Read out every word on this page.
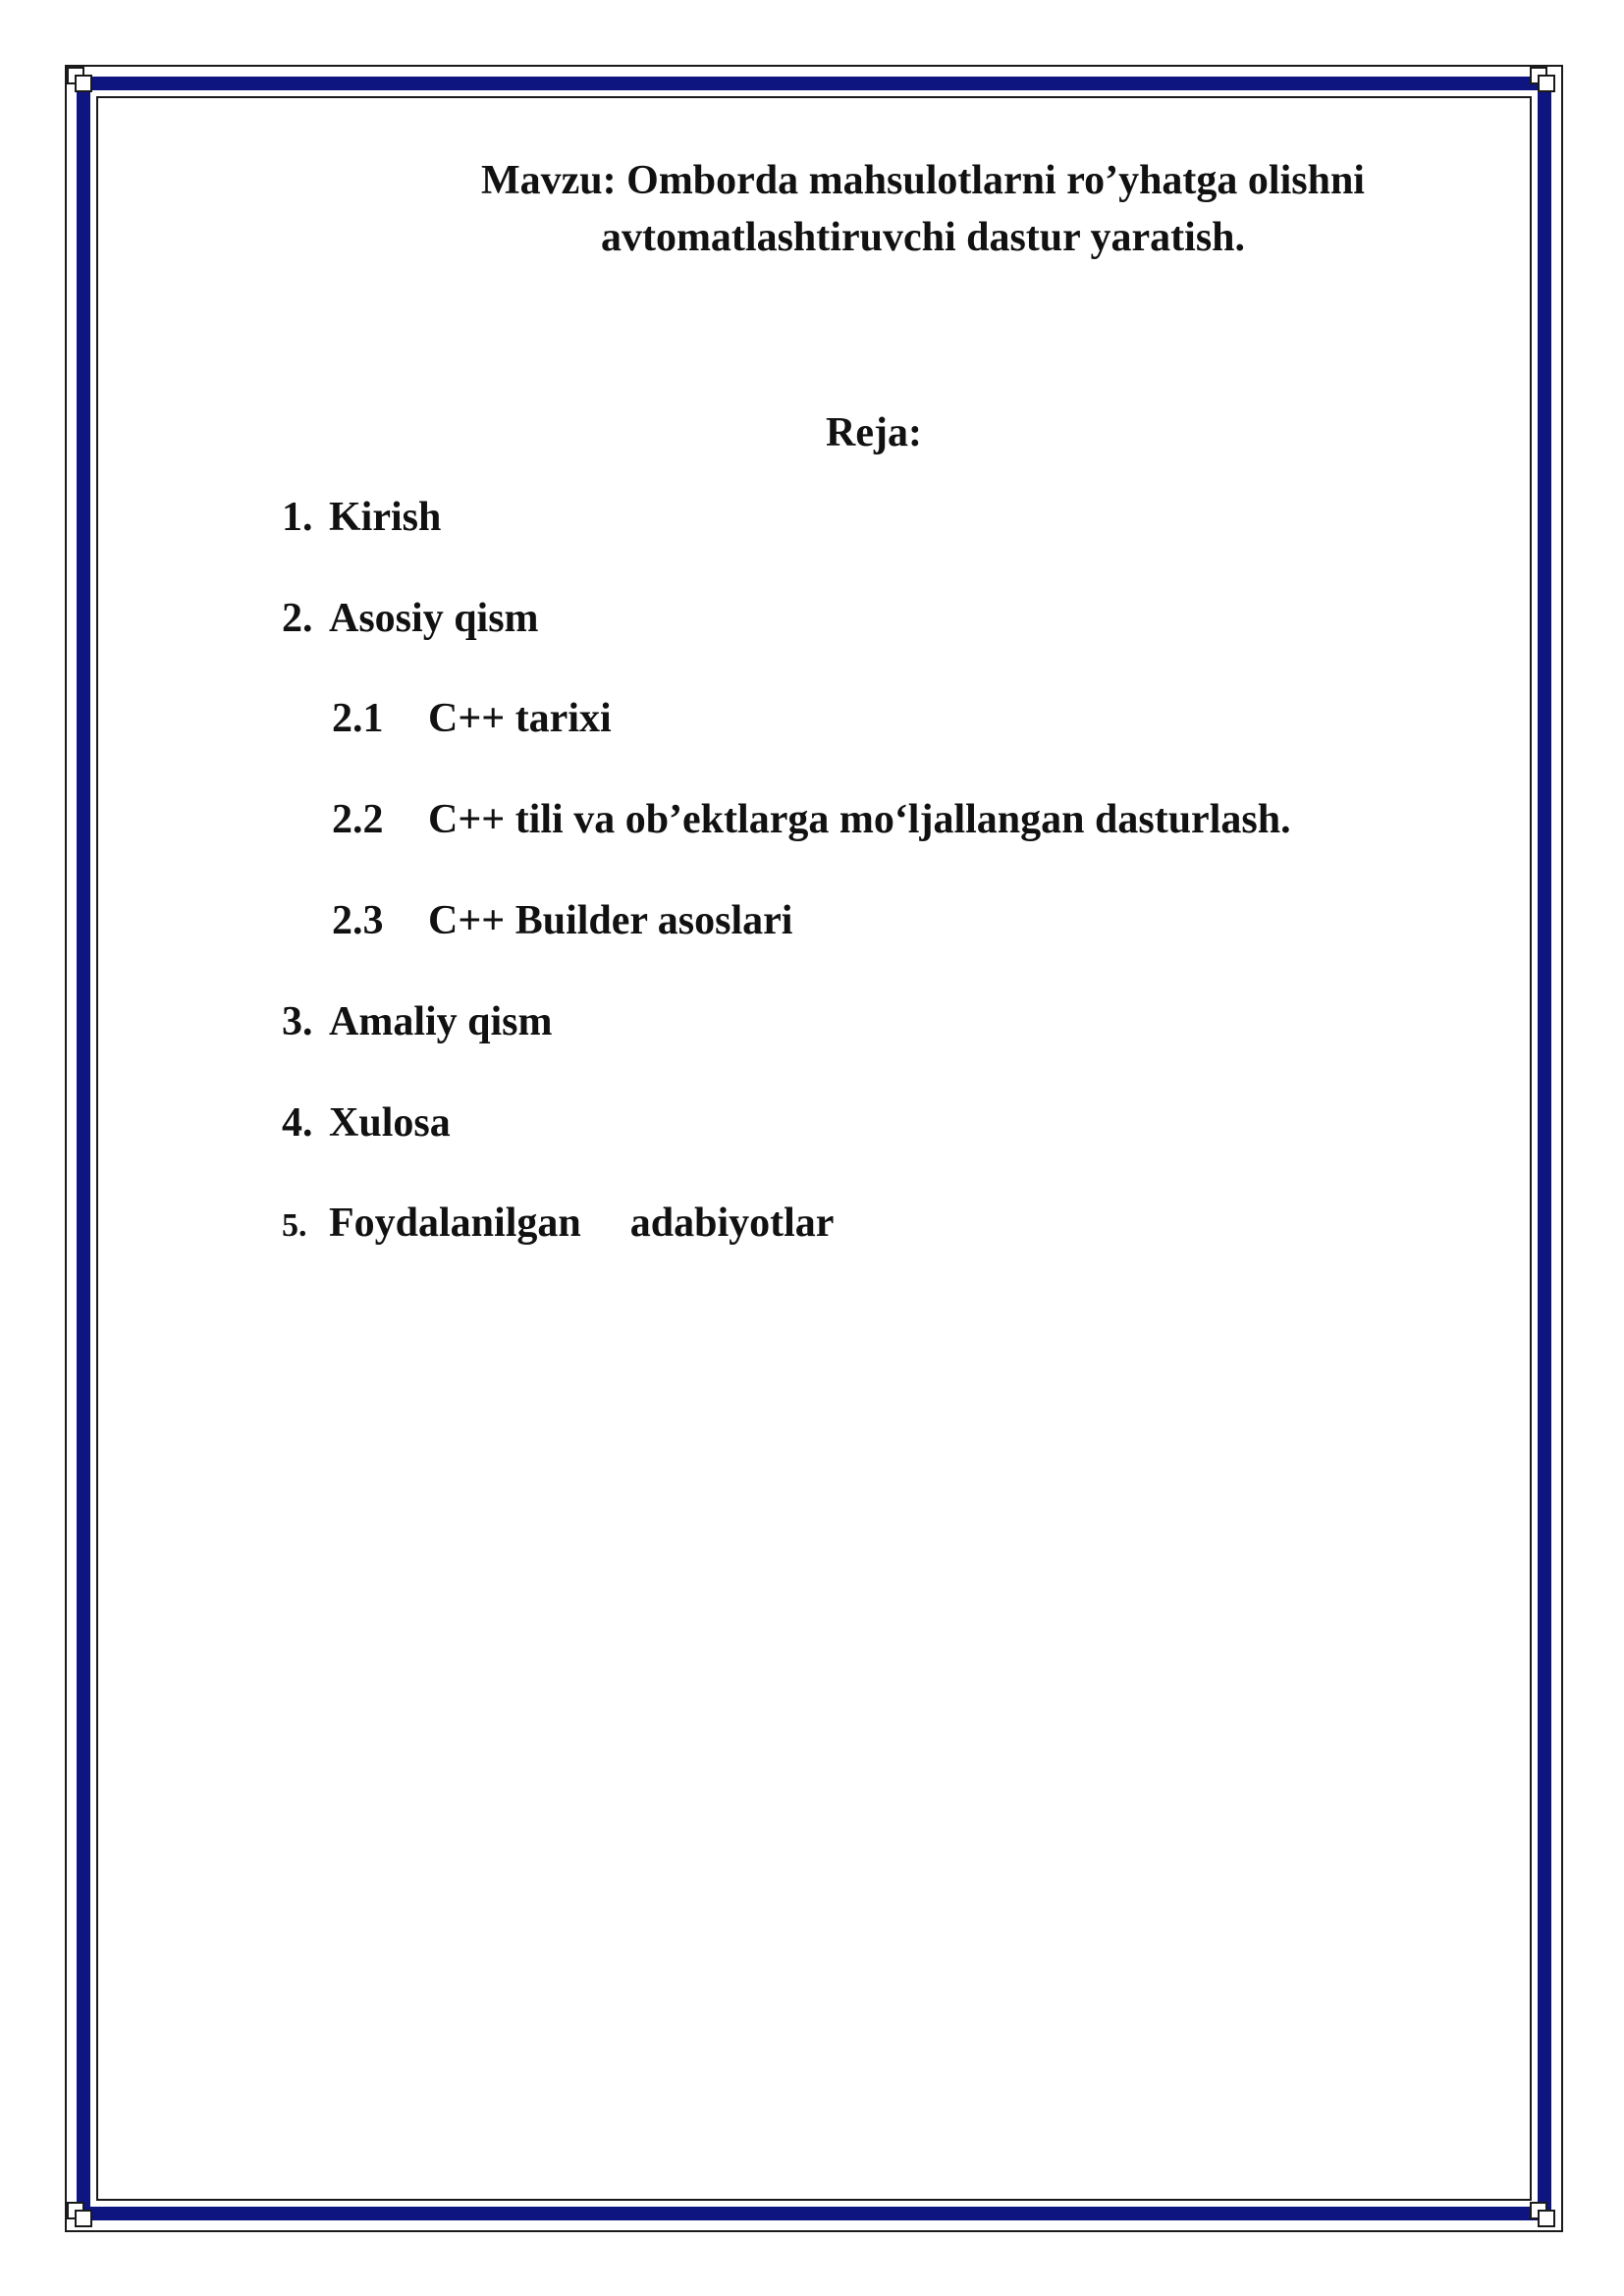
Mavzu: Omborda mahsulotlarni ro’yhatga olishni
avtomatlashtiruvchi dastur yaratish.
Reja:
1. Kirish
2. Asosiy qism
2.1 C++ tarixi
2.2 C++ tili va ob’ektlarga mo‘ljallangan dasturlash.
2.3 C++ Builder asoslari
3. Amaliy qism
4. Xulosa
5. Foydalanilgan adabiyotlar
